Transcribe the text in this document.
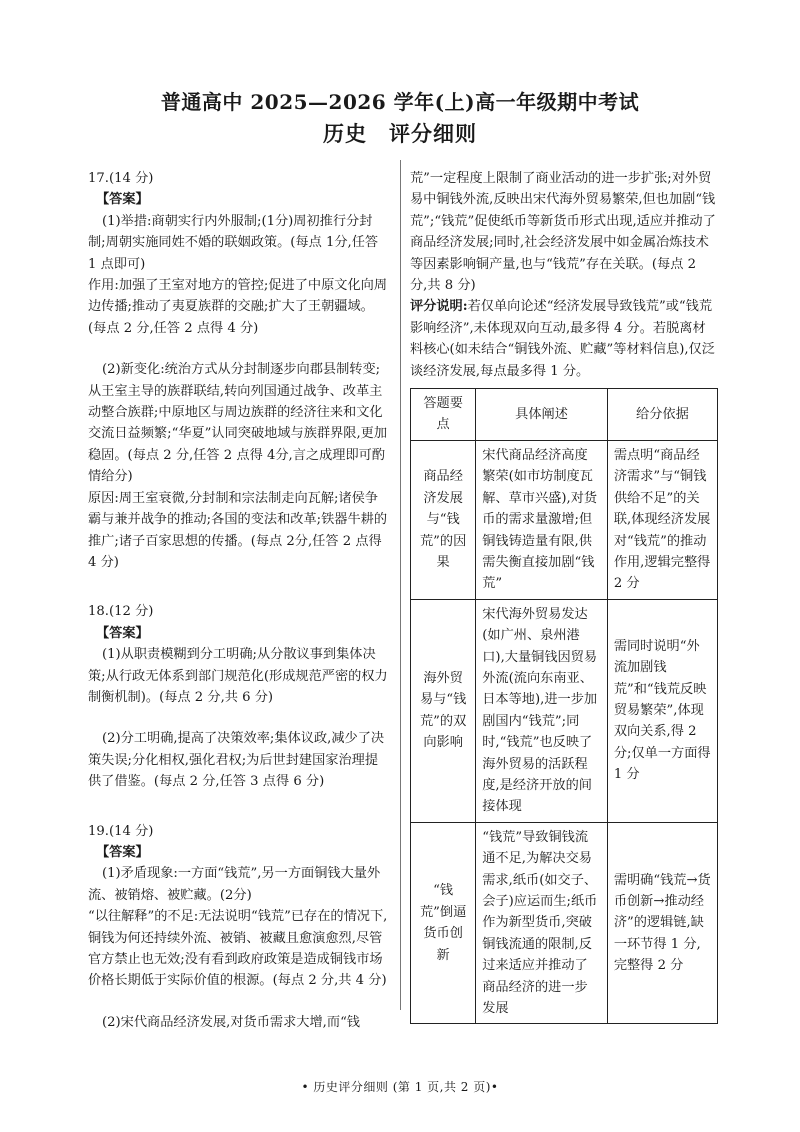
普通高中 2025—2026 学年(上)高一年级期中考试
历史 评分细则
17.(14 分)
【答案】

(1)举措:商朝实行内外服制;(1分)周初推行分封制;周朝实施同姓不婚的联姻政策。(每点 1分,任答 1 点即可)

作用:加强了王室对地方的管控;促进了中原文化向周边传播;推动了夷夏族群的交融;扩大了王朝疆域。(每点 2 分,任答 2 点得 4 分)

(2)新变化:统治方式从分封制逐步向郡县制转变;从王室主导的族群联结,转向列国通过战争、改革主动整合族群;中原地区与周边族群的经济往来和文化交流日益频繁;“华夏”认同突破地域与族群界限,更加稳固。(每点 2 分,任答 2 点得 4分,言之成理即可酌情给分)

原因:周王室衰微,分封制和宗法制走向瓦解;诸侯争霸与兼并战争的推动;各国的变法和改革;铁器牛耕的推广;诸子百家思想的传播。(每点 2分,任答 2 点得 4 分)

18.(12 分)
【答案】

(1)从职责模糊到分工明确;从分散议事到集体决策;从行政无体系到部门规范化(形成规范严密的权力制衡机制)。(每点 2 分,共 6 分)

(2)分工明确,提高了决策效率;集体议政,减少了决策失误;分化相权,强化君权;为后世封建国家治理提供了借鉴。(每点 2 分,任答 3 点得 6 分)

19.(14 分)
【答案】

(1)矛盾现象:一方面“钱荒”,另一方面铜钱大量外流、被销熔、被贮藏。(2分)

“以往解释”的不足:无法说明“钱荒”已存在的情况下,铜钱为何还持续外流、被销、被藏且愈演愈烈,尽管官方禁止也无效;没有看到政府政策是造成铜钱市场价格长期低于实际价值的根源。(每点 2 分,共 4 分)

(2)宋代商品经济发展,对货币需求大增,而“钱

荒”一定程度上限制了商业活动的进一步扩张;对外贸易中铜钱外流,反映出宋代海外贸易繁荣,但也加剧“钱荒”;“钱荒”促使纸币等新货币形式出现,适应并推动了商品经济发展;同时,社会经济发展中如金属冶炼技术等因素影响铜产量,也与“钱荒”存在关联。(每点 2 分,共 8 分)

评分说明:若仅单向论述“经济发展导致钱荒”或“钱荒影响经济”,未体现双向互动,最多得 4 分。若脱离材料核心(如未结合“铜钱外流、贮藏”等材料信息),仅泛谈经济发展,每点最多得 1 分。

答题要点	具体阐述	给分依据
商品经济发展与“钱荒”的因果	宋代商品经济高度繁荣(如市坊制度瓦解、草市兴盛),对货币的需求量激增;但铜钱铸造量有限,供需失衡直接加剧“钱荒”	需点明“商品经济需求”与“铜钱供给不足”的关联,体现经济发展对“钱荒”的推动作用,逻辑完整得 2 分
海外贸易与“钱荒”的双向影响	宋代海外贸易发达(如广州、泉州港口),大量铜钱因贸易外流(流向东南亚、日本等地),进一步加剧国内“钱荒”;同时,“钱荒”也反映了海外贸易的活跃程度,是经济开放的间接体现	需同时说明“外流加剧钱荒”和“钱荒反映贸易繁荣”,体现双向关系,得 2 分;仅单一方面得 1 分
“钱荒”倒逼货币创新	“钱荒”导致铜钱流通不足,为解决交易需求,纸币(如交子、会子)应运而生;纸币作为新型货币,突破铜钱流通的限制,反过来适应并推动了商品经济的进一步发展	需明确“钱荒→货币创新→推动经济”的逻辑链,缺一环节得 1 分,完整得 2 分
• 历史评分细则 (第 1 页,共 2 页)•
